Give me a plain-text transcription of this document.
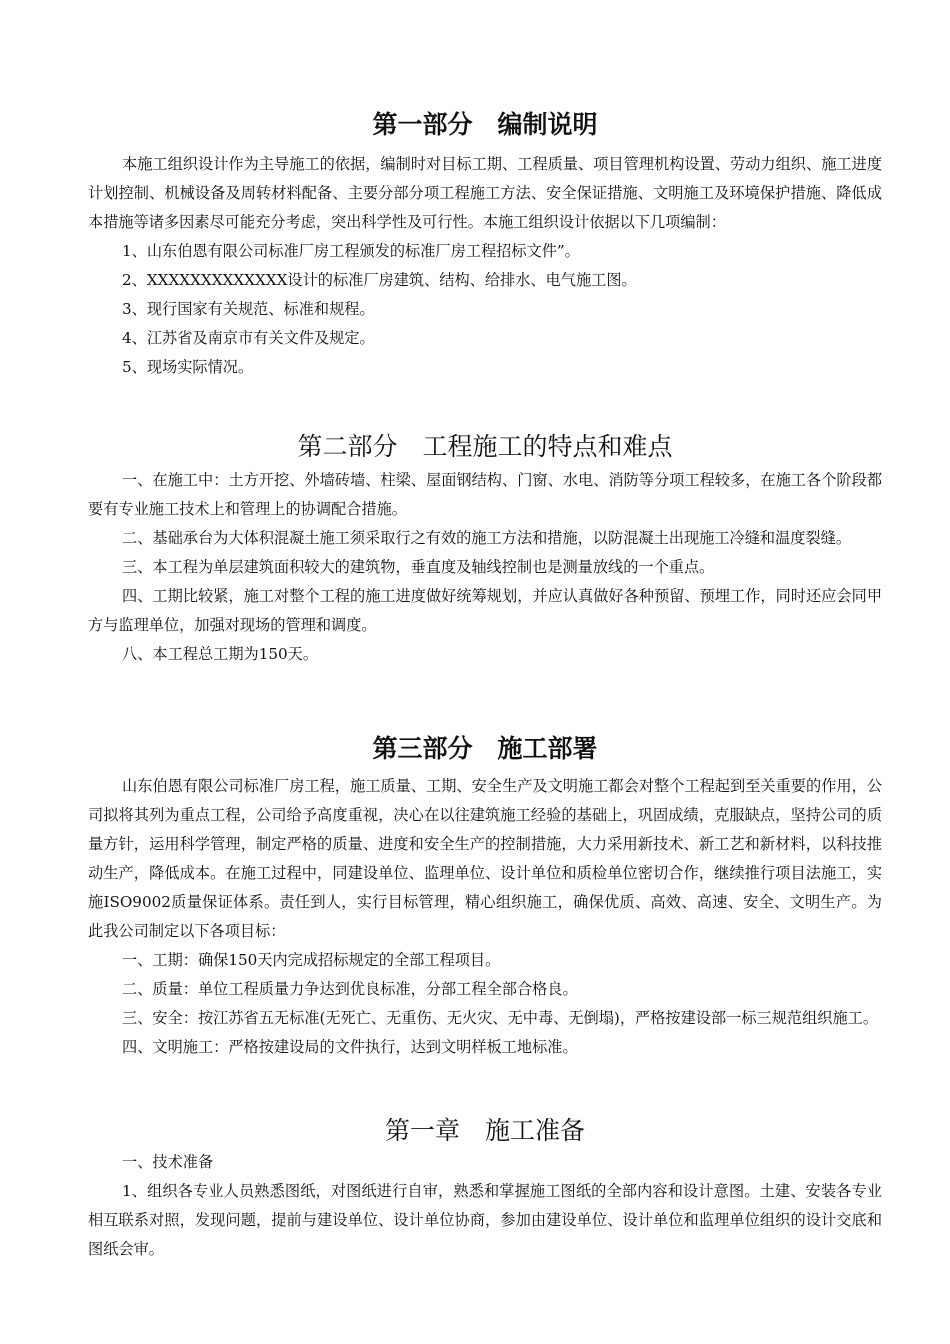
第一部分　编制说明

本施工组织设计作为主导施工的依据，编制时对目标工期、工程质量、项目管理机构设置、劳动力组织、施工进度计划控制、机械设备及周转材料配备、主要分部分项工程施工方法、安全保证措施、文明施工及环境保护措施、降低成本措施等诸多因素尽可能充分考虑，突出科学性及可行性。本施工组织设计依据以下几项编制：

1、山东伯恩有限公司标准厂房工程颁发的标准厂房工程招标文件”。

2、XXXXXXXXXXXXX设计的标准厂房建筑、结构、给排水、电气施工图。

3、现行国家有关规范、标准和规程。

4、江苏省及南京市有关文件及规定。

5、现场实际情况。

第二部分　工程施工的特点和难点

一、在施工中：土方开挖、外墙砖墙、柱梁、屋面钢结构、门窗、水电、消防等分项工程较多，在施工各个阶段都要有专业施工技术上和管理上的协调配合措施。

二、基础承台为大体积混凝土施工须采取行之有效的施工方法和措施，以防混凝土出现施工冷缝和温度裂缝。

三、本工程为单层建筑面积较大的建筑物，垂直度及轴线控制也是测量放线的一个重点。

四、工期比较紧，施工对整个工程的施工进度做好统筹规划，并应认真做好各种预留、预埋工作，同时还应会同甲方与监理单位，加强对现场的管理和调度。

八、本工程总工期为150天。

第三部分　施工部署

山东伯恩有限公司标准厂房工程，施工质量、工期、安全生产及文明施工都会对整个工程起到至关重要的作用，公司拟将其列为重点工程，公司给予高度重视，决心在以往建筑施工经验的基础上，巩固成绩，克服缺点，坚持公司的质量方针，运用科学管理，制定严格的质量、进度和安全生产的控制措施，大力采用新技术、新工艺和新材料，以科技推动生产，降低成本。在施工过程中，同建设单位、监理单位、设计单位和质检单位密切合作，继续推行项目法施工，实施ISO9002质量保证体系。责任到人，实行目标管理，精心组织施工，确保优质、高效、高速、安全、文明生产。为此我公司制定以下各项目标：

一、工期：确保150天内完成招标规定的全部工程项目。

二、质量：单位工程质量力争达到优良标准，分部工程全部合格良。

三、安全：按江苏省五无标准(无死亡、无重伤、无火灾、无中毒、无倒塌)，严格按建设部一标三规范组织施工。

四、文明施工：严格按建设局的文件执行，达到文明样板工地标准。

第一章　施工准备

一、技术准备

1、组织各专业人员熟悉图纸，对图纸进行自审，熟悉和掌握施工图纸的全部内容和设计意图。土建、安装各专业相互联系对照，发现问题，提前与建设单位、设计单位协商，参加由建设单位、设计单位和监理单位组织的设计交底和图纸会审。
